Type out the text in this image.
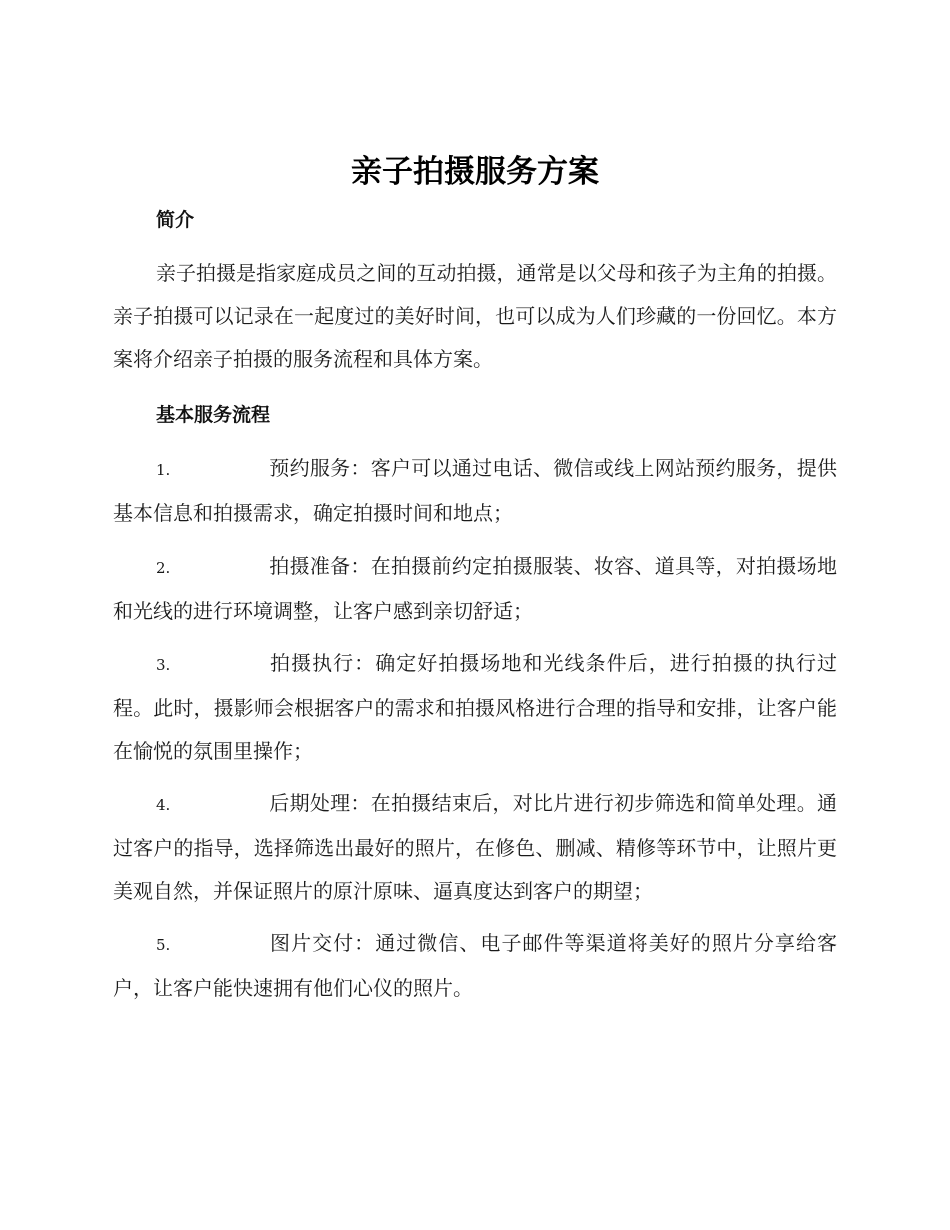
亲子拍摄服务方案
简介

亲子拍摄是指家庭成员之间的互动拍摄，通常是以父母和孩子为主角的拍摄。亲子拍摄可以记录在一起度过的美好时间，也可以成为人们珍藏的一份回忆。本方案将介绍亲子拍摄的服务流程和具体方案。

基本服务流程

1.	预约服务：客户可以通过电话、微信或线上网站预约服务，提供基本信息和拍摄需求，确定拍摄时间和地点；

2.	拍摄准备：在拍摄前约定拍摄服装、妆容、道具等，对拍摄场地和光线的进行环境调整，让客户感到亲切舒适；

3.	拍摄执行：确定好拍摄场地和光线条件后，进行拍摄的执行过程。此时，摄影师会根据客户的需求和拍摄风格进行合理的指导和安排，让客户能在愉悦的氛围里操作；

4.	后期处理：在拍摄结束后，对比片进行初步筛选和简单处理。通过客户的指导，选择筛选出最好的照片，在修色、删减、精修等环节中，让照片更美观自然，并保证照片的原汁原味、逼真度达到客户的期望；

5.	图片交付：通过微信、电子邮件等渠道将美好的照片分享给客户，让客户能快速拥有他们心仪的照片。
